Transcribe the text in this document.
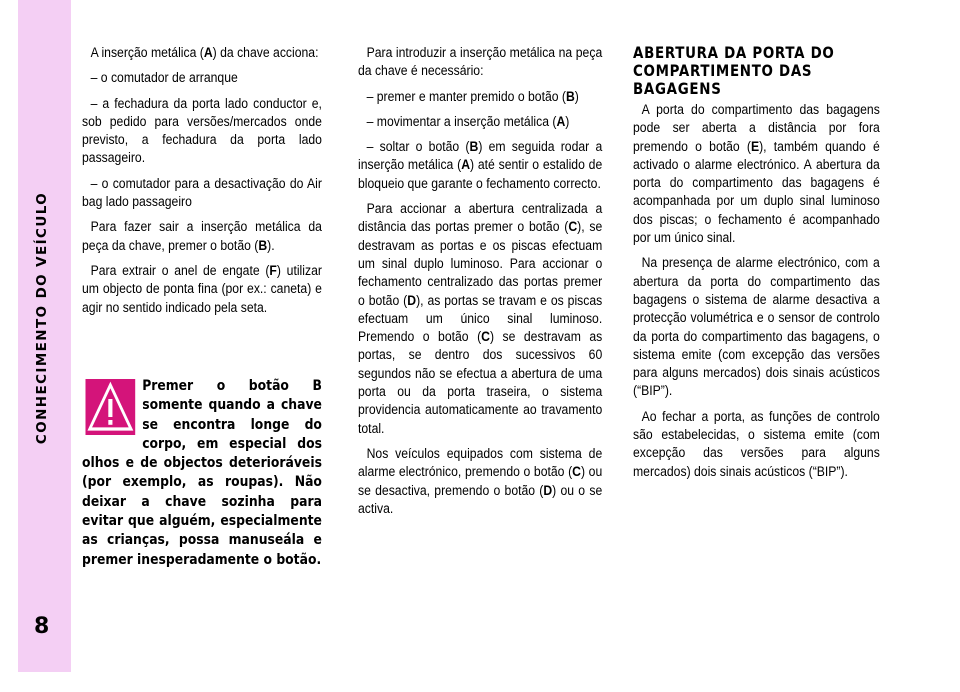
CONHECIMENTO DO VEÍCULO
8

A inserção metálica (A) da chave acciona:

– o comutador de arranque

– a fechadura da porta lado conductor e, sob pedido para versões/mercados onde previsto, a fechadura da porta lado passageiro.

– o comutador para a desactivação do Air bag lado passageiro

Para fazer sair a inserção metálica da peça da chave, premer o botão (B).

Para extrair o anel de engate (F) utilizar um objecto de ponta fina (por ex.: caneta) e agir no sentido indicado pela seta.

Premer o botão B somente quando a chave se encontra longe do corpo, em especial dos olhos e de objectos deterioráveis (por exemplo, as roupas). Não deixar a chave sozinha para evitar que alguém, especialmente as crianças, possa manuseála e premer inesperadamente o botão.

Para introduzir a inserção metálica na peça da chave é necessário:

– premer e manter premido o botão (B)

– movimentar a inserção metálica (A)

– soltar o botão (B) em seguida rodar a inserção metálica (A) até sentir o estalido de bloqueio que garante o fechamento correcto.

Para accionar a abertura centralizada a distância das portas premer o botão (C), se destravam as portas e os piscas efectuam um sinal duplo luminoso. Para accionar o fechamento centralizado das portas premer o botão (D), as portas se travam e os piscas efectuam um único sinal luminoso. Premendo o botão (C) se destravam as portas, se dentro dos sucessivos 60 segundos não se efectua a abertura de uma porta ou da porta traseira, o sistema providencia automaticamente ao travamento total.

Nos veículos equipados com sistema de alarme electrónico, premendo o botão (C) ou se desactiva, premendo o botão (D) ou o se activa.

ABERTURA DA PORTA DO COMPARTIMENTO DAS BAGAGENS

A porta do compartimento das bagagens pode ser aberta a distância por fora premendo o botão (E), também quando é activado o alarme electrónico. A abertura da porta do compartimento das bagagens é acompanhada por um duplo sinal luminoso dos piscas; o fechamento é acompanhado por um único sinal.

Na presença de alarme electrónico, com a abertura da porta do compartimento das bagagens o sistema de alarme desactiva a protecção volumétrica e o sensor de controlo da porta do compartimento das bagagens, o sistema emite (com excepção das versões para alguns mercados) dois sinais acústicos (“BIP”).

Ao fechar a porta, as funções de controlo são estabelecidas, o sistema emite (com excepção das versões para alguns mercados) dois sinais acústicos (“BIP”).
